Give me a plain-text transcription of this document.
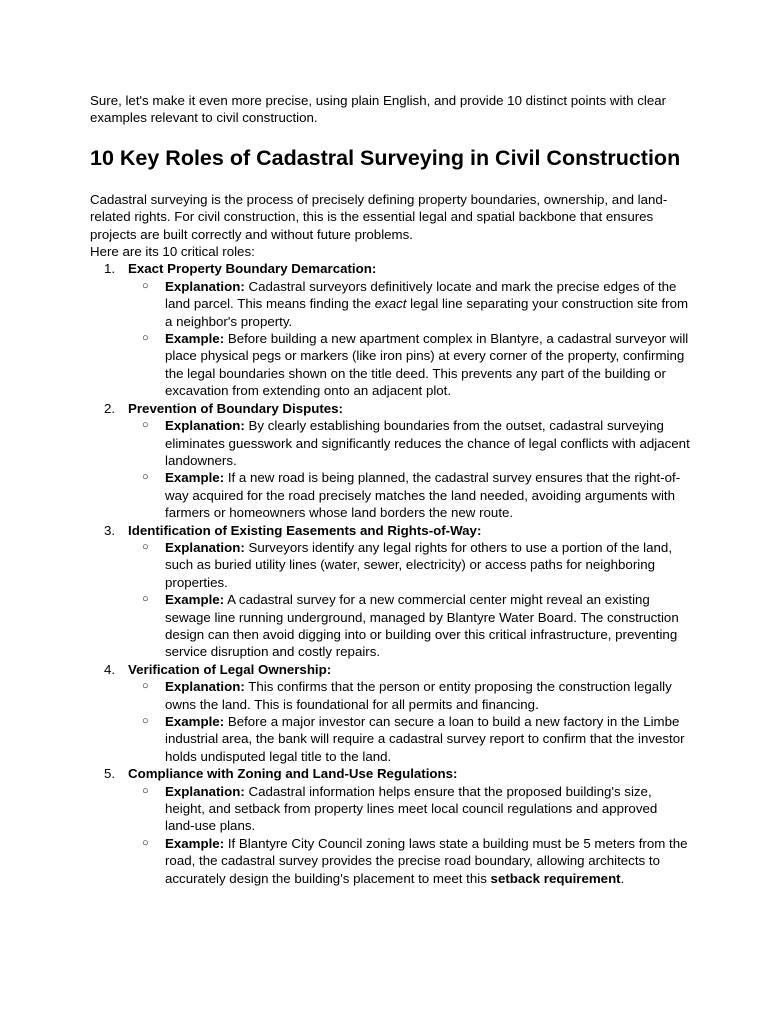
Sure, let's make it even more precise, using plain English, and provide 10 distinct points with clear examples relevant to civil construction.

10 Key Roles of Cadastral Surveying in Civil Construction

Cadastral surveying is the process of precisely defining property boundaries, ownership, and land-related rights. For civil construction, this is the essential legal and spatial backbone that ensures projects are built correctly and without future problems.

Here are its 10 critical roles:

1. Exact Property Boundary Demarcation:
○ Explanation: Cadastral surveyors definitively locate and mark the precise edges of the land parcel. This means finding the exact legal line separating your construction site from a neighbor's property.
○ Example: Before building a new apartment complex in Blantyre, a cadastral surveyor will place physical pegs or markers (like iron pins) at every corner of the property, confirming the legal boundaries shown on the title deed. This prevents any part of the building or excavation from extending onto an adjacent plot.
2. Prevention of Boundary Disputes:
○ Explanation: By clearly establishing boundaries from the outset, cadastral surveying eliminates guesswork and significantly reduces the chance of legal conflicts with adjacent landowners.
○ Example: If a new road is being planned, the cadastral survey ensures that the right-of-way acquired for the road precisely matches the land needed, avoiding arguments with farmers or homeowners whose land borders the new route.
3. Identification of Existing Easements and Rights-of-Way:
○ Explanation: Surveyors identify any legal rights for others to use a portion of the land, such as buried utility lines (water, sewer, electricity) or access paths for neighboring properties.
○ Example: A cadastral survey for a new commercial center might reveal an existing sewage line running underground, managed by Blantyre Water Board. The construction design can then avoid digging into or building over this critical infrastructure, preventing service disruption and costly repairs.
4. Verification of Legal Ownership:
○ Explanation: This confirms that the person or entity proposing the construction legally owns the land. This is foundational for all permits and financing.
○ Example: Before a major investor can secure a loan to build a new factory in the Limbe industrial area, the bank will require a cadastral survey report to confirm that the investor holds undisputed legal title to the land.
5. Compliance with Zoning and Land-Use Regulations:
○ Explanation: Cadastral information helps ensure that the proposed building's size, height, and setback from property lines meet local council regulations and approved land-use plans.
○ Example: If Blantyre City Council zoning laws state a building must be 5 meters from the road, the cadastral survey provides the precise road boundary, allowing architects to accurately design the building's placement to meet this setback requirement.
